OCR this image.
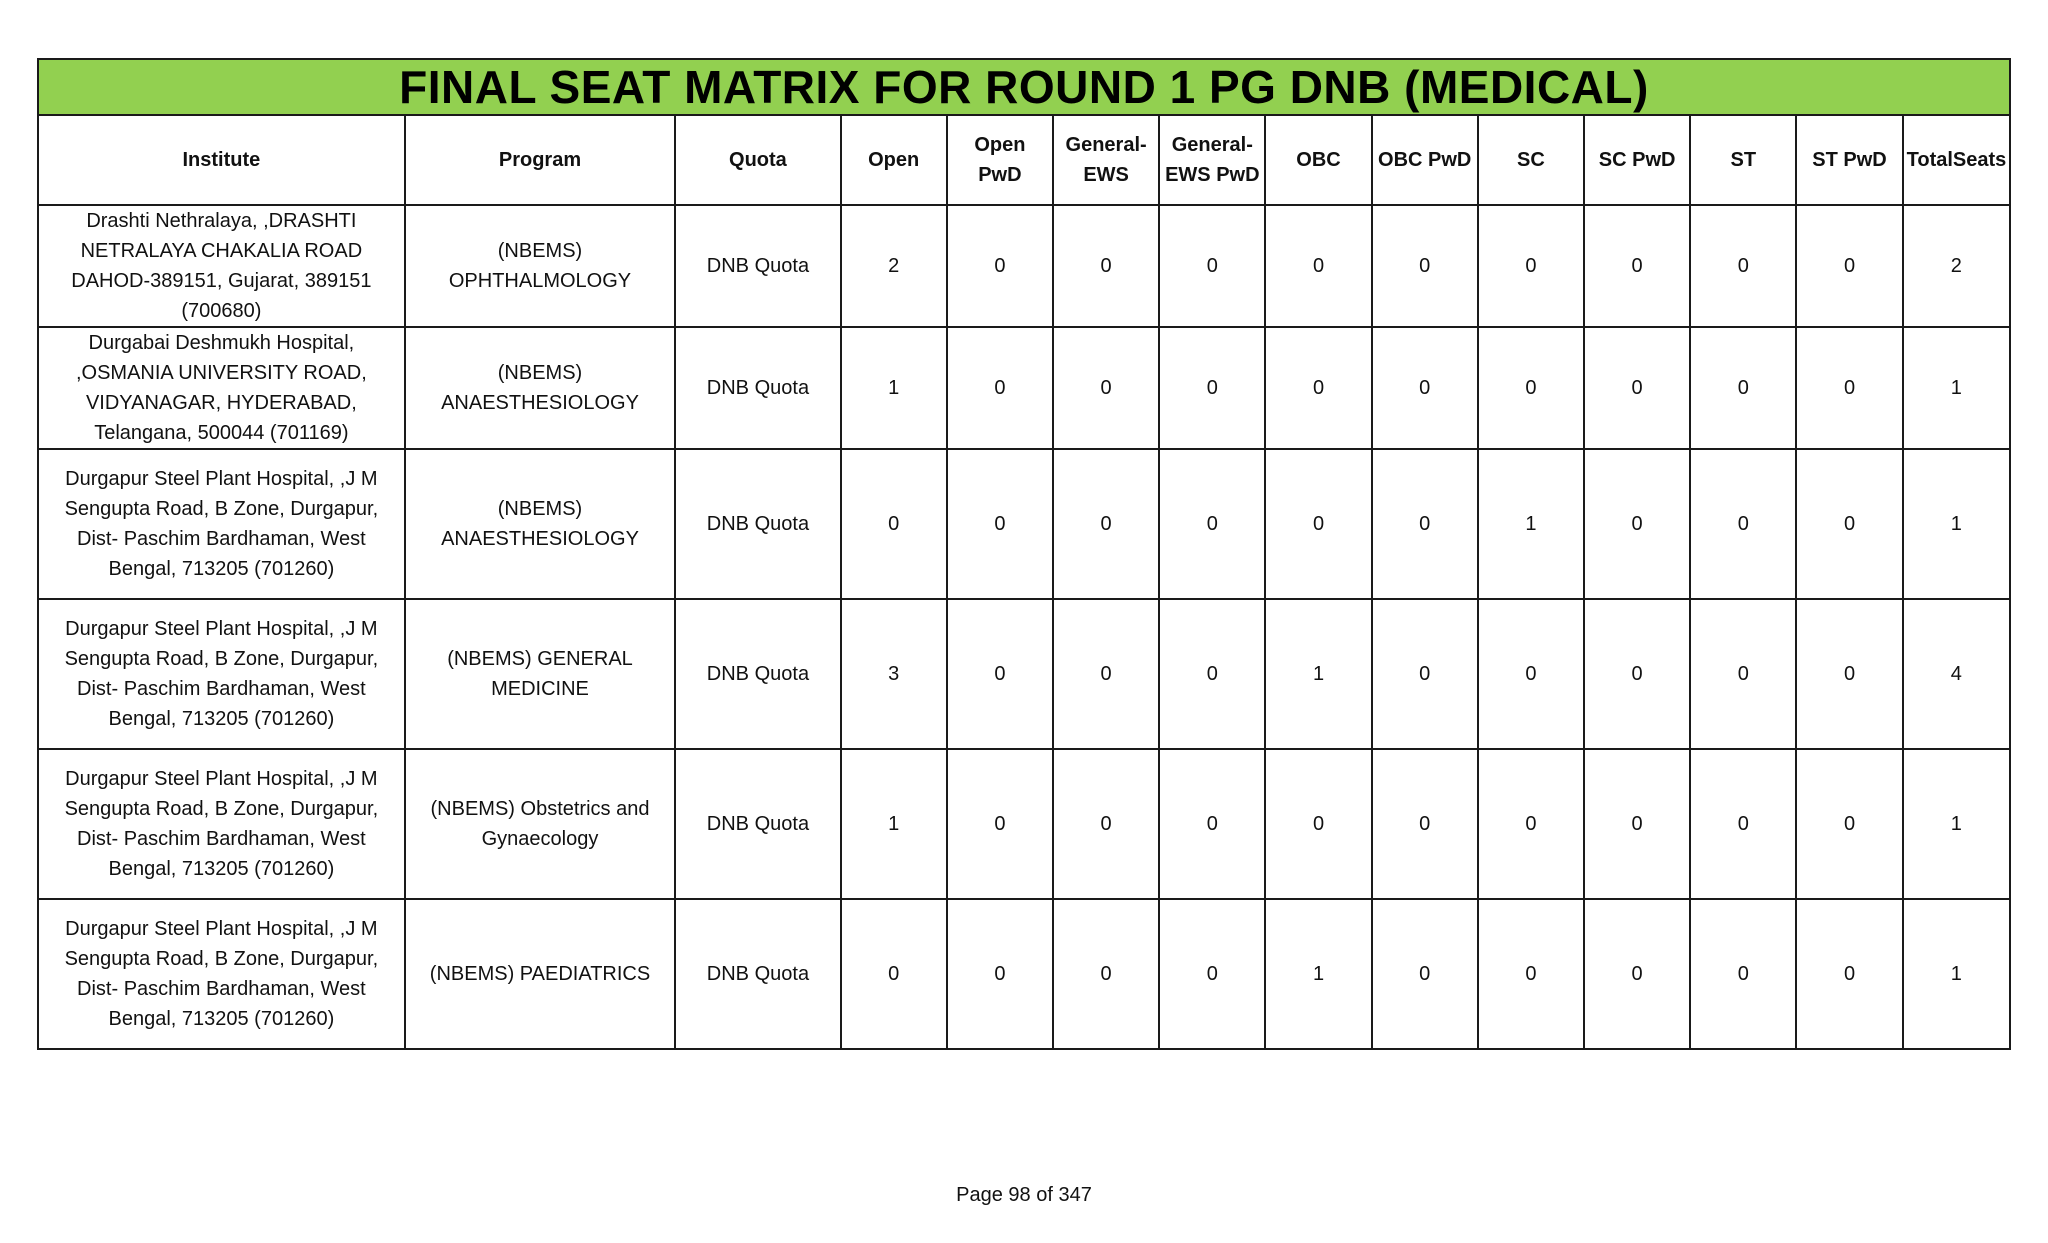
FINAL SEAT MATRIX FOR ROUND 1 PG DNB (MEDICAL)													
Institute	Program	Quota	Open	Open PwD	General-EWS	General-EWS PwD	OBC	OBC PwD	SC	SC PwD	ST	ST PwD	TotalSeats
Drashti Nethralaya, ,DRASHTI NETRALAYA CHAKALIA ROAD DAHOD-389151, Gujarat, 389151 (700680)	(NBEMS) OPHTHALMOLOGY	DNB Quota	2	0	0	0	0	0	0	0	0	0	2
Durgabai Deshmukh Hospital, ,OSMANIA UNIVERSITY ROAD, VIDYANAGAR, HYDERABAD, Telangana, 500044 (701169)	(NBEMS) ANAESTHESIOLOGY	DNB Quota	1	0	0	0	0	0	0	0	0	0	1
Durgapur Steel Plant Hospital, ,J M Sengupta Road, B Zone, Durgapur, Dist- Paschim Bardhaman, West Bengal, 713205 (701260)	(NBEMS) ANAESTHESIOLOGY	DNB Quota	0	0	0	0	0	0	1	0	0	0	1
Durgapur Steel Plant Hospital, ,J M Sengupta Road, B Zone, Durgapur, Dist- Paschim Bardhaman, West Bengal, 713205 (701260)	(NBEMS) GENERAL MEDICINE	DNB Quota	3	0	0	0	1	0	0	0	0	0	4
Durgapur Steel Plant Hospital, ,J M Sengupta Road, B Zone, Durgapur, Dist- Paschim Bardhaman, West Bengal, 713205 (701260)	(NBEMS) Obstetrics and Gynaecology	DNB Quota	1	0	0	0	0	0	0	0	0	0	1
Durgapur Steel Plant Hospital, ,J M Sengupta Road, B Zone, Durgapur, Dist- Paschim Bardhaman, West Bengal, 713205 (701260)	(NBEMS) PAEDIATRICS	DNB Quota	0	0	0	0	1	0	0	0	0	0	1
Page 98 of 347
